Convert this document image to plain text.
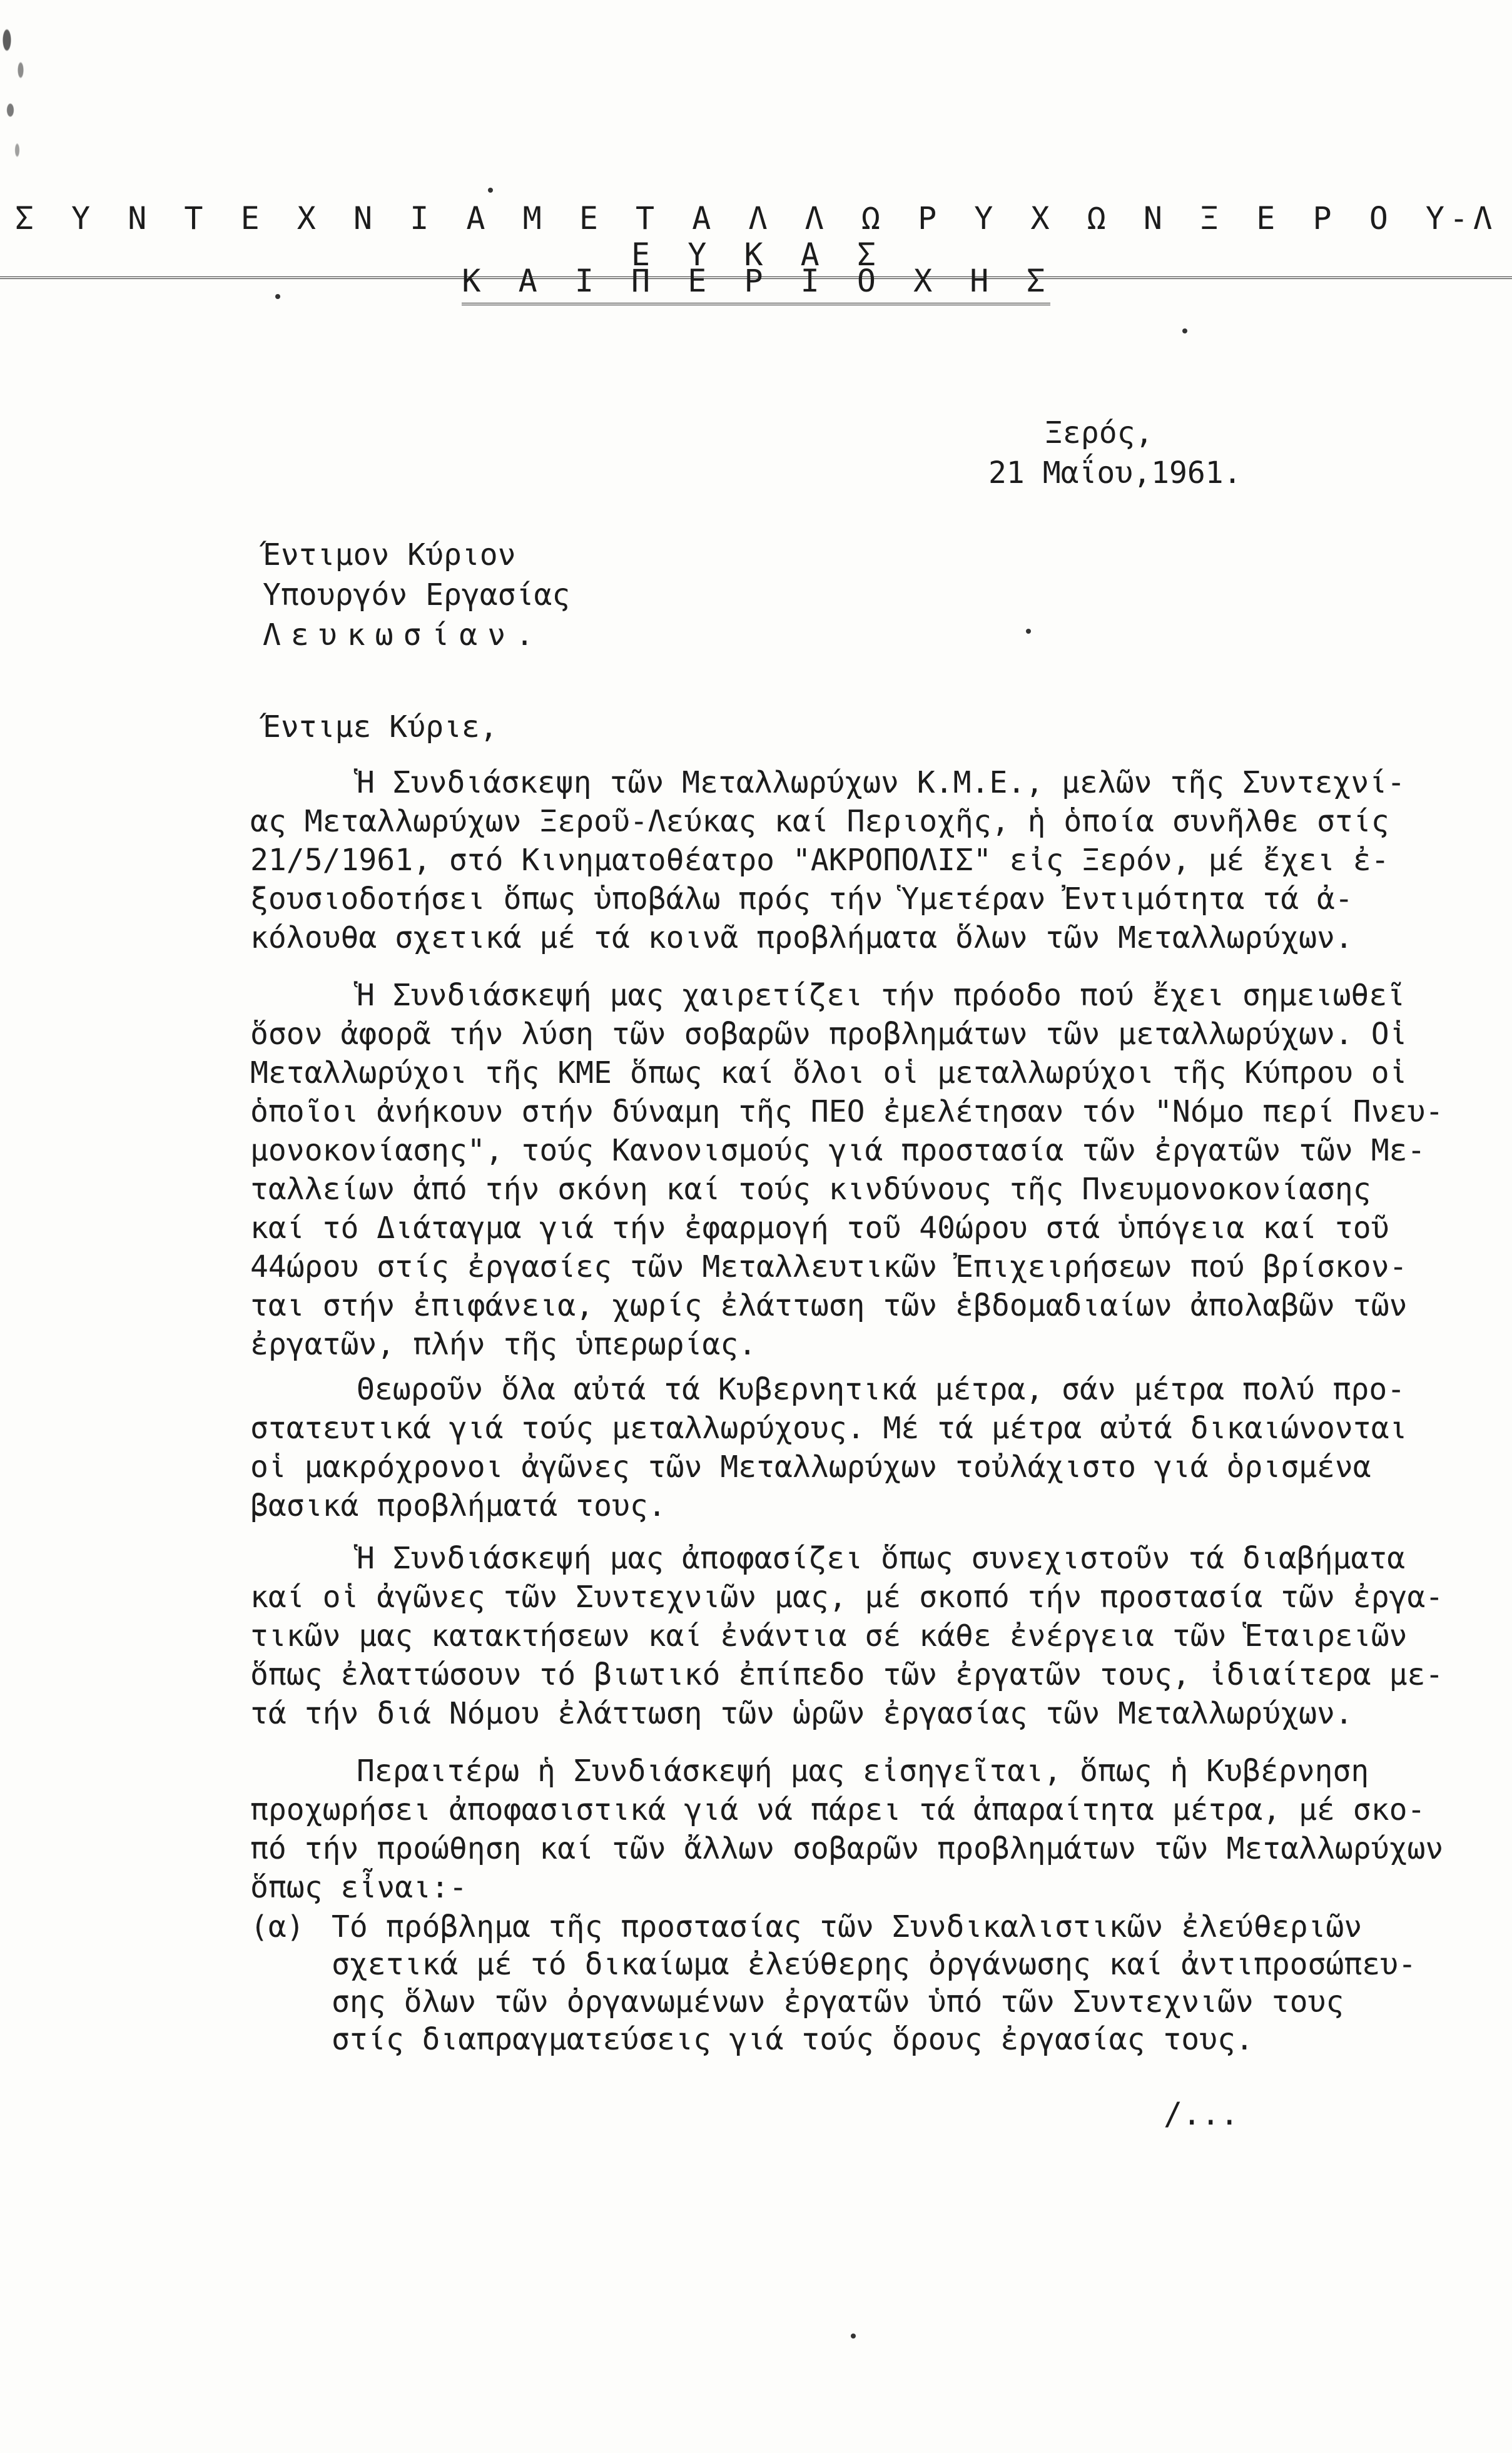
Σ Υ Ν Τ Ε Χ Ν Ι Α Μ Ε Τ Α Λ Λ Ω Ρ Υ Χ Ω Ν Ξ Ε Ρ Ο Υ-Λ Ε Υ Κ Α Σ
Κ Α Ι Π Ε Ρ Ι Ο Χ Η Σ
Ξερός,
21 Μαΐου,1961.
Έντιμον Κύριον
Υπουργόν Εργασίας
Λευκωσίαν.
Έντιμε Κύριε,
Ἡ Συνδιάσκεψη τῶν Μεταλλωρύχων Κ.Μ.Ε., μελῶν τῆς Συντεχνί-
ας Μεταλλωρύχων Ξεροῦ-Λεύκας καί Περιοχῆς, ἡ ὁποία συνῆλθε στίς
21/5/1961, στό Κινηματοθέατρο "ΑΚΡΟΠΟΛΙΣ" εἰς Ξερόν, μέ ἔχει ἐ-
ξουσιοδοτήσει ὅπως ὑποβάλω πρός τήν Ὑμετέραν Ἐντιμότητα τά ἀ-
κόλουθα σχετικά μέ τά κοινᾶ προβλήματα ὅλων τῶν Μεταλλωρύχων.
Ἡ Συνδιάσκεψή μας χαιρετίζει τήν πρόοδο πού ἔχει σημειωθεῖ
ὅσον ἀφορᾶ τήν λύση τῶν σοβαρῶν προβλημάτων τῶν μεταλλωρύχων. Οἱ
Μεταλλωρύχοι τῆς ΚΜΕ ὅπως καί ὅλοι οἱ μεταλλωρύχοι τῆς Κύπρου οἱ
ὁποῖοι ἀνήκουν στήν δύναμη τῆς ΠΕΟ ἐμελέτησαν τόν "Νόμο περί Πνευ-
μονοκονίασης", τούς Κανονισμούς γιά προστασία τῶν ἐργατῶν τῶν Με-
ταλλείων ἀπό τήν σκόνη καί τούς κινδύνους τῆς Πνευμονοκονίασης
καί τό Διάταγμα γιά τήν ἐφαρμογή τοῦ 40ώρου στά ὑπόγεια καί τοῦ
44ώρου στίς ἐργασίες τῶν Μεταλλευτικῶν Ἐπιχειρήσεων πού βρίσκον-
ται στήν ἐπιφάνεια, χωρίς ἐλάττωση τῶν ἑβδομαδιαίων ἀπολαβῶν τῶν
ἐργατῶν, πλήν τῆς ὑπερωρίας.
Θεωροῦν ὅλα αὐτά τά Κυβερνητικά μέτρα, σάν μέτρα πολύ προ-
στατευτικά γιά τούς μεταλλωρύχους. Μέ τά μέτρα αὐτά δικαιώνονται
οἱ μακρόχρονοι ἀγῶνες τῶν Μεταλλωρύχων τοὐλάχιστο γιά ὁρισμένα
βασικά προβλήματά τους.
Ἡ Συνδιάσκεψή μας ἀποφασίζει ὅπως συνεχιστοῦν τά διαβήματα
καί οἱ ἀγῶνες τῶν Συντεχνιῶν μας, μέ σκοπό τήν προστασία τῶν ἐργα-
τικῶν μας κατακτήσεων καί ἐνάντια σέ κάθε ἐνέργεια τῶν Ἑταιρειῶν
ὅπως ἐλαττώσουν τό βιωτικό ἐπίπεδο τῶν ἐργατῶν τους, ἰδιαίτερα με-
τά τήν διά Νόμου ἐλάττωση τῶν ὡρῶν ἐργασίας τῶν Μεταλλωρύχων.
Περαιτέρω ἡ Συνδιάσκεψή μας εἰσηγεῖται, ὅπως ἡ Κυβέρνηση
προχωρήσει ἀποφασιστικά γιά νά πάρει τά ἀπαραίτητα μέτρα, μέ σκο-
πό τήν προώθηση καί τῶν ἄλλων σοβαρῶν προβλημάτων τῶν Μεταλλωρύχων
ὅπως εἶναι:-
(α) Τό πρόβλημα τῆς προστασίας τῶν Συνδικαλιστικῶν ἐλεύθεριῶν
σχετικά μέ τό δικαίωμα ἐλεύθερης ὀργάνωσης καί ἀντιπροσώπευ-
σης ὅλων τῶν ὀργανωμένων ἐργατῶν ὑπό τῶν Συντεχνιῶν τους
στίς διαπραγματεύσεις γιά τούς ὅρους ἐργασίας τους.
/...
